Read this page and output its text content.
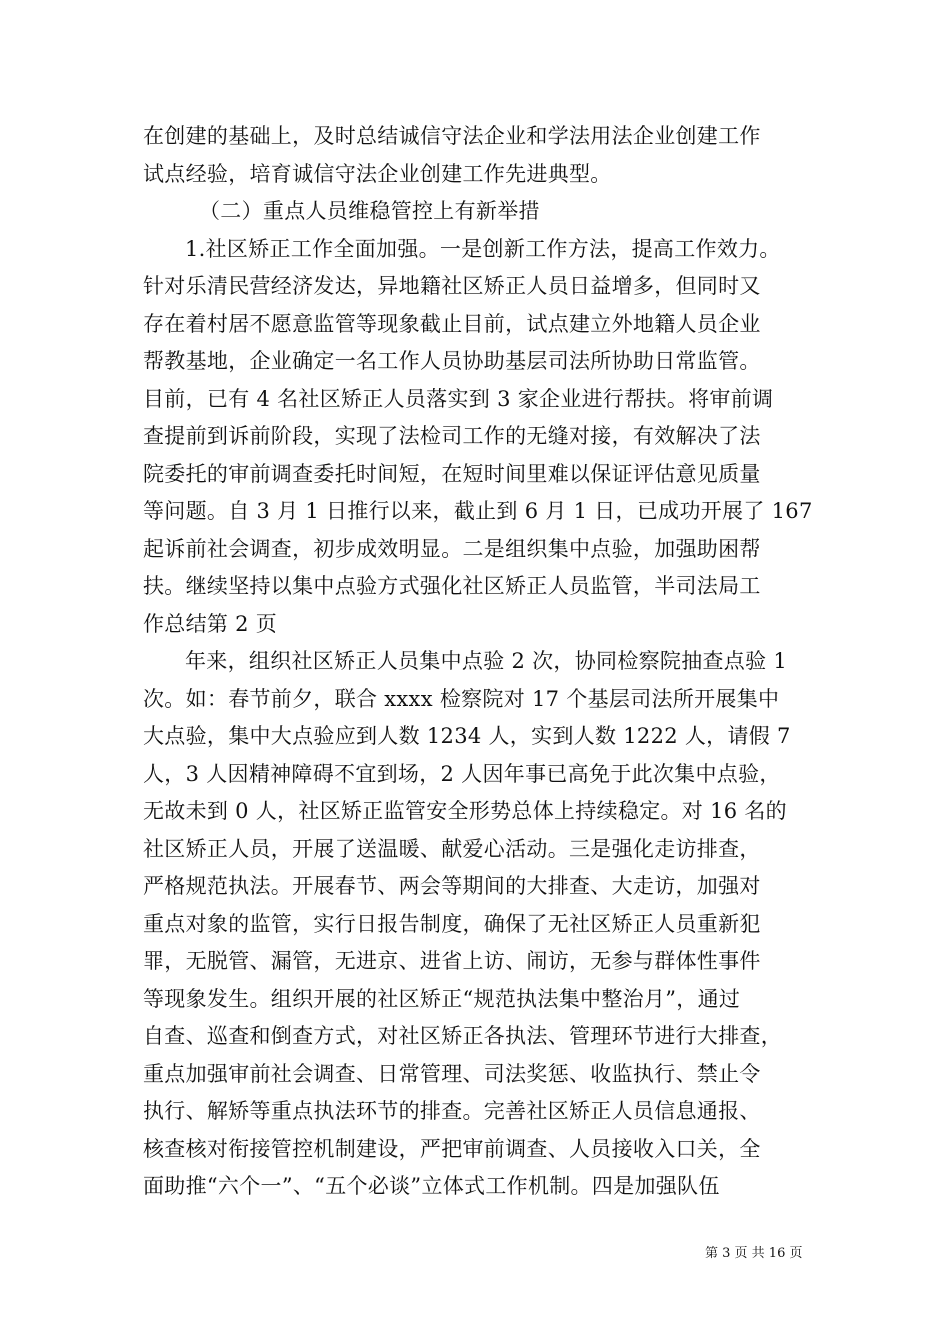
在创建的基础上，及时总结诚信守法企业和学法用法企业创建工作
试点经验，培育诚信守法企业创建工作先进典型。
（二）重点人员维稳管控上有新举措
1.社区矫正工作全面加强。一是创新工作方法，提高工作效力。
针对乐清民营经济发达，异地籍社区矫正人员日益增多，但同时又
存在着村居不愿意监管等现象截止目前，试点建立外地籍人员企业
帮教基地，企业确定一名工作人员协助基层司法所协助日常监管。
目前，已有 4 名社区矫正人员落实到 3 家企业进行帮扶。将审前调
查提前到诉前阶段，实现了法检司工作的无缝对接，有效解决了法
院委托的审前调查委托时间短，在短时间里难以保证评估意见质量
等问题。自 3 月 1 日推行以来，截止到 6 月 1 日，已成功开展了 167
起诉前社会调查，初步成效明显。二是组织集中点验，加强助困帮
扶。继续坚持以集中点验方式强化社区矫正人员监管，半司法局工
作总结第 2 页
年来，组织社区矫正人员集中点验 2 次，协同检察院抽查点验 1
次。如：春节前夕，联合 xxxx 检察院对 17 个基层司法所开展集中
大点验，集中大点验应到人数 1234 人，实到人数 1222 人，请假 7
人，3 人因精神障碍不宜到场，2 人因年事已高免于此次集中点验，
无故未到 0 人，社区矫正监管安全形势总体上持续稳定。对 16 名的
社区矫正人员，开展了送温暖、献爱心活动。三是强化走访排查，
严格规范执法。开展春节、两会等期间的大排查、大走访，加强对
重点对象的监管，实行日报告制度，确保了无社区矫正人员重新犯
罪，无脱管、漏管，无进京、进省上访、闹访，无参与群体性事件
等现象发生。组织开展的社区矫正“规范执法集中整治月”，通过
自查、巡查和倒查方式，对社区矫正各执法、管理环节进行大排查，
重点加强审前社会调查、日常管理、司法奖惩、收监执行、禁止令
执行、解矫等重点执法环节的排查。完善社区矫正人员信息通报、
核查核对衔接管控机制建设，严把审前调查、人员接收入口关，全
面助推“六个一”、“五个必谈”立体式工作机制。四是加强队伍
第 3 页 共 16 页
